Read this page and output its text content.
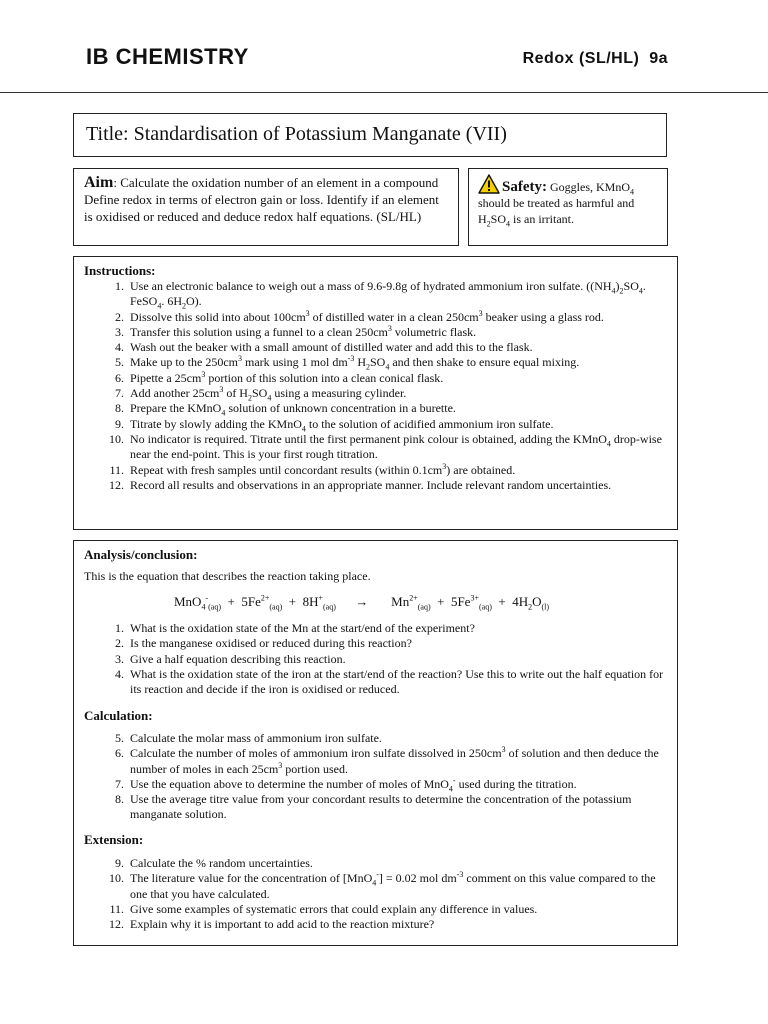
IB CHEMISTRY	Redox (SL/HL)  9a
Title: Standardisation of Potassium Manganate (VII)
Aim: Calculate the oxidation number of an element in a compound Define redox in terms of electron gain or loss. Identify if an element is oxidised or reduced and deduce redox half equations. (SL/HL)
Safety: Goggles, KMnO$_4$ should be treated as harmful and $H_2SO_4$ is an irritant.
Instructions:
1. Use an electronic balance to weigh out a mass of 9.6-9.8g of hydrated ammonium iron sulfate. ($(NH_4)_2SO_4$. FeSO$_4$. $6H_2O$).
2. Dissolve this solid into about $100cm^3$ of distilled water in a clean $250cm^3$ beaker using a glass rod.
3. Transfer this solution using a funnel to a clean $250cm^3$ volumetric flask.
4. Wash out the beaker with a small amount of distilled water and add this to the flask.
5. Make up to the $250cm^3$ mark using 1 mol $dm^{-3}$ $H_2SO_4$ and then shake to ensure equal mixing.
6. Pipette a $25cm^3$ portion of this solution into a clean conical flask.
7. Add another $25cm^3$ of $H_2SO_4$ using a measuring cylinder.
8. Prepare the KMnO$_4$ solution of unknown concentration in a burette.
9. Titrate by slowly adding the KMnO$_4$ to the solution of acidified ammonium iron sulfate.
10. No indicator is required. Titrate until the first permanent pink colour is obtained, adding the KMnO$_4$ drop-wise near the end-point. This is your first rough titration.
11. Repeat with fresh samples until concordant results (within $0.1cm^3$) are obtained.
12. Record all results and observations in an appropriate manner. Include relevant random uncertainties.
Analysis/conclusion:
This is the equation that describes the reaction taking place.
$MnO_4^-_{(aq)} + 5Fe^{2+}_{(aq)} + 8H^+_{(aq)}$      →       $Mn^{2+}_{(aq)} + 5Fe^{3+}_{(aq)} + 4H_2O_{(l)}$
1. What is the oxidation state of the Mn at the start/end of the experiment?
2. Is the manganese oxidised or reduced during this reaction?
3. Give a half equation describing this reaction.
4. What is the oxidation state of the iron at the start/end of the reaction? Use this to write out the half equation for its reaction and decide if the iron is oxidised or reduced.
Calculation:
5. Calculate the molar mass of ammonium iron sulfate.
6. Calculate the number of moles of ammonium iron sulfate dissolved in $250cm^3$ of solution and then deduce the number of moles in each $25cm^3$ portion used.
7. Use the equation above to determine the number of moles of MnO$_4$- used during the titration.
8. Use the average titre value from your concordant results to determine the concentration of the potassium manganate solution.
Extension:
9. Calculate the % random uncertainties.
10. The literature value for the concentration of [MnO$_4$-] = 0.02 mol $dm^{-3}$ comment on this value compared to the one that you have calculated.
11. Give some examples of systematic errors that could explain any difference in values.
12. Explain why it is important to add acid to the reaction mixture?
